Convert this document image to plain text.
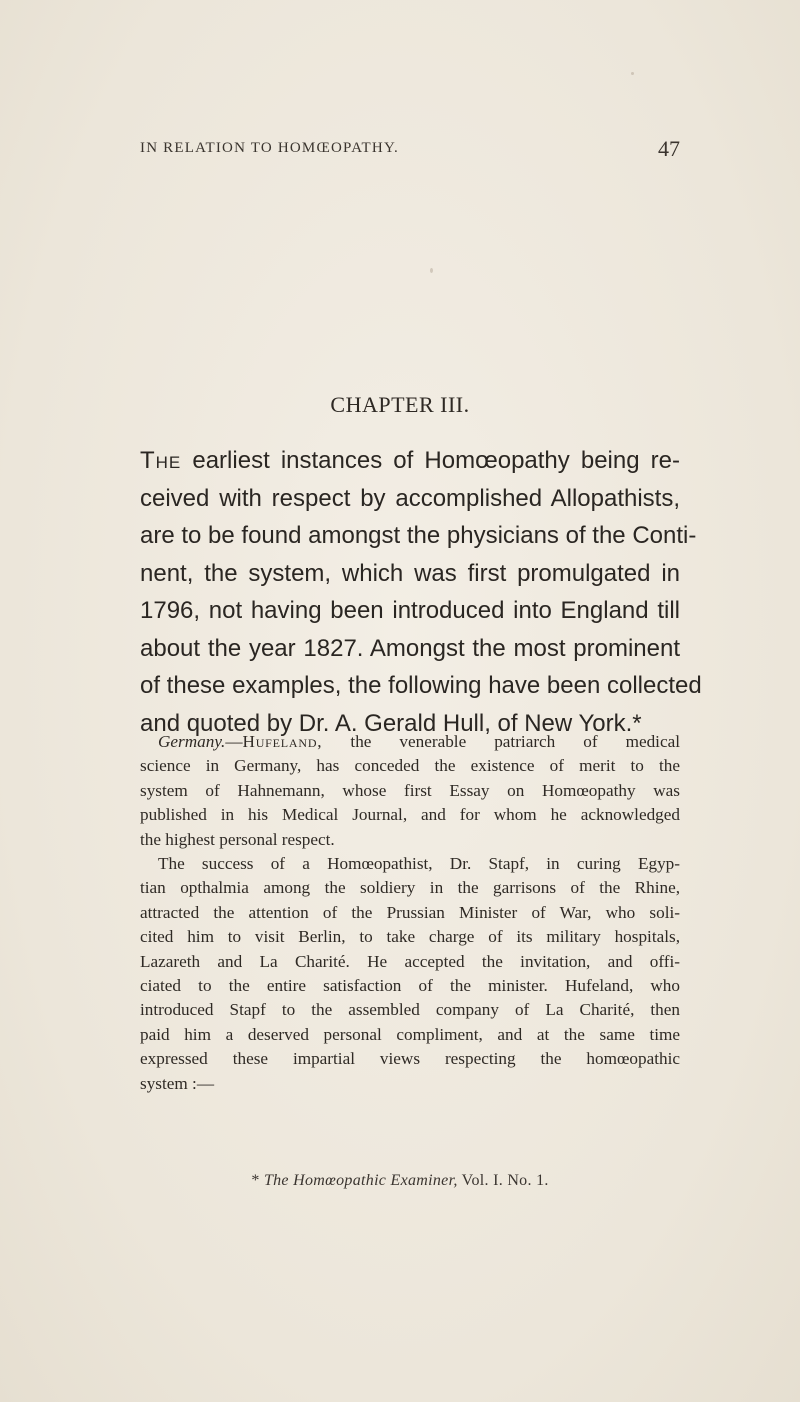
IN RELATION TO HOMŒOPATHY.	47
CHAPTER III.

The earliest instances of Homœopathy being re-
ceived with respect by accomplished Allopathists,
are to be found amongst the physicians of the Conti-
nent, the system, which was first promulgated in
1796, not having been introduced into England till
about the year 1827. Amongst the most prominent
of these examples, the following have been collected
and quoted by Dr. A. Gerald Hull, of New York.*

Germany.—Hufeland, the venerable patriarch of medical
science in Germany, has conceded the existence of merit to the
system of Hahnemann, whose first Essay on Homœopathy was
published in his Medical Journal, and for whom he acknowledged
the highest personal respect.
The success of a Homœopathist, Dr. Stapf, in curing Egyp-
tian opthalmia among the soldiery in the garrisons of the Rhine,
attracted the attention of the Prussian Minister of War, who soli-
cited him to visit Berlin, to take charge of its military hospitals,
Lazareth and La Charité. He accepted the invitation, and offi-
ciated to the entire satisfaction of the minister. Hufeland, who
introduced Stapf to the assembled company of La Charité, then
paid him a deserved personal compliment, and at the same time
expressed these impartial views respecting the homœopathic
system :—
* The Homœopathic Examiner, Vol. I. No. 1.
